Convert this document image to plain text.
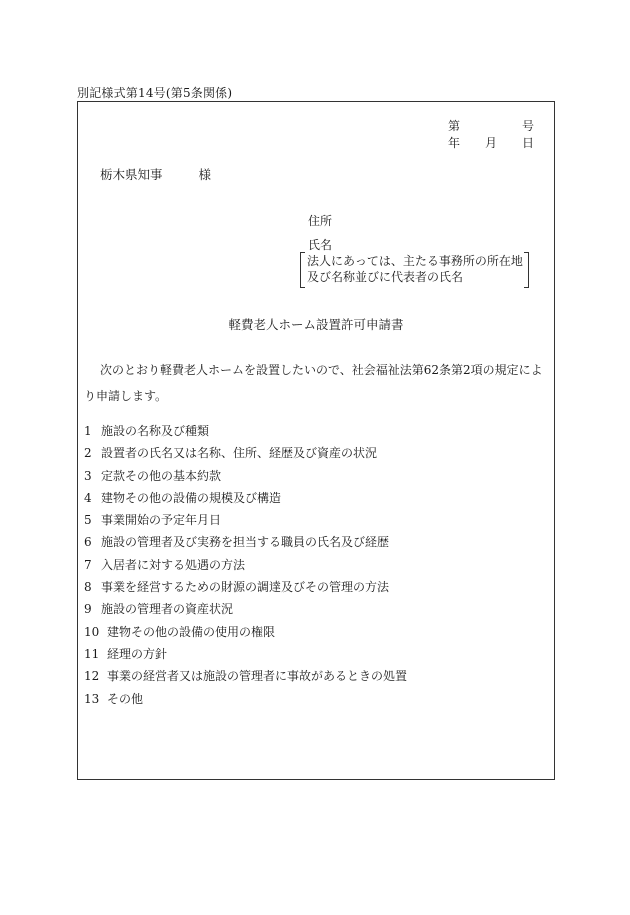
別記様式第14号(第5条関係)
第	号
年 月 日
栃木県知事	様
住所
氏名
法人にあっては、主たる事務所の所在地
及び名称並びに代表者の氏名
軽費老人ホーム設置許可申請書
次のとおり軽費老人ホームを設置したいので、社会福祉法第62条第2項の規定により申請します。
1 施設の名称及び種類
2 設置者の氏名又は名称、住所、経歴及び資産の状況
3 定款その他の基本約款
4 建物その他の設備の規模及び構造
5 事業開始の予定年月日
6 施設の管理者及び実務を担当する職員の氏名及び経歴
7 入居者に対する処遇の方法
8 事業を経営するための財源の調達及びその管理の方法
9 施設の管理者の資産状況
10 建物その他の設備の使用の権限
11 経理の方針
12 事業の経営者又は施設の管理者に事故があるときの処置
13 その他
